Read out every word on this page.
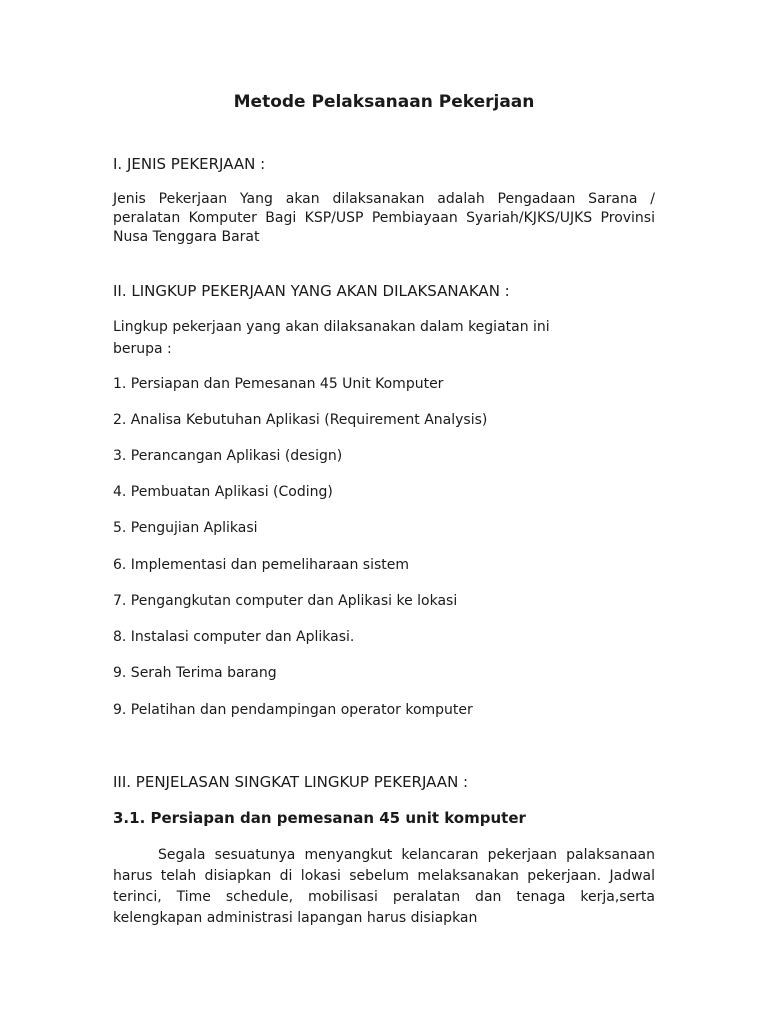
Metode Pelaksanaan Pekerjaan
I. JENIS PEKERJAAN :

Jenis Pekerjaan Yang akan dilaksanakan adalah Pengadaan Sarana / peralatan Komputer Bagi KSP/USP Pembiayaan Syariah/KJKS/UJKS Provinsi Nusa Tenggara Barat

II. LINGKUP PEKERJAAN YANG AKAN DILAKSANAKAN :

Lingkup pekerjaan yang akan dilaksanakan dalam kegiatan ini
berupa :

1. Persiapan dan Pemesanan 45 Unit Komputer

2. Analisa Kebutuhan Aplikasi (Requirement Analysis)

3. Perancangan Aplikasi (design)

4. Pembuatan Aplikasi (Coding)

5. Pengujian Aplikasi

6. Implementasi dan pemeliharaan sistem

7. Pengangkutan computer dan Aplikasi ke lokasi

8. Instalasi computer dan Aplikasi.

9. Serah Terima barang

9. Pelatihan dan pendampingan operator komputer

III. PENJELASAN SINGKAT LINGKUP PEKERJAAN :
3.1. Persiapan dan pemesanan 45 unit komputer

Segala sesuatunya menyangkut kelancaran pekerjaan palaksanaan harus telah disiapkan di lokasi sebelum melaksanakan pekerjaan. Jadwal terinci, Time schedule, mobilisasi peralatan dan tenaga kerja,serta kelengkapan administrasi lapangan harus disiapkan
